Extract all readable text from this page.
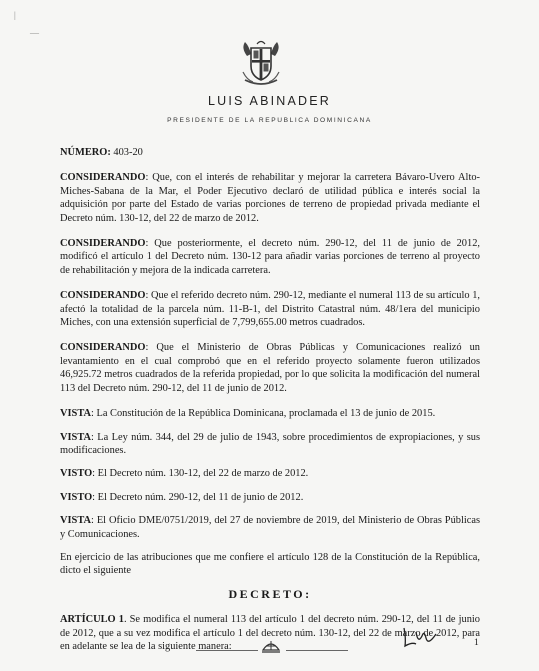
|
—
LUIS ABINADER
PRESIDENTE DE LA REPUBLICA DOMINICANA

NÚMERO: 403-20

CONSIDERANDO: Que, con el interés de rehabilitar y mejorar la carretera Bávaro-Uvero Alto-Miches-Sabana de la Mar, el Poder Ejecutivo declaró de utilidad pública e interés social la adquisición por parte del Estado de varias porciones de terreno de propiedad privada mediante el Decreto núm. 130-12, del 22 de marzo de 2012.

CONSIDERANDO: Que posteriormente, el decreto núm. 290-12, del 11 de junio de 2012, modificó el artículo 1 del Decreto núm. 130-12 para añadir varias porciones de terreno al proyecto de rehabilitación y mejora de la indicada carretera.

CONSIDERANDO: Que el referido decreto núm. 290-12, mediante el numeral 113 de su artículo 1, afectó la totalidad de la parcela núm. 11-B-1, del Distrito Catastral núm. 48/1era del municipio Miches, con una extensión superficial de 7,799,655.00 metros cuadrados.

CONSIDERANDO: Que el Ministerio de Obras Públicas y Comunicaciones realizó un levantamiento en el cual comprobó que en el referido proyecto solamente fueron utilizados 46,925.72 metros cuadrados de la referida propiedad, por lo que solicita la modificación del numeral 113 del Decreto núm. 290-12, del 11 de junio de 2012.

VISTA: La Constitución de la República Dominicana, proclamada el 13 de junio de 2015.

VISTA: La Ley núm. 344, del 29 de julio de 1943, sobre procedimientos de expropiaciones, y sus modificaciones.

VISTO: El Decreto núm. 130-12, del 22 de marzo de 2012.

VISTO: El Decreto núm. 290-12, del 11 de junio de 2012.

VISTA: El Oficio DME/0751/2019, del 27 de noviembre de 2019, del Ministerio de Obras Públicas y Comunicaciones.

En ejercicio de las atribuciones que me confiere el artículo 128 de la Constitución de la República, dicto el siguiente

DECRETO:

ARTÍCULO 1. Se modifica el numeral 113 del artículo 1 del decreto núm. 290-12, del 11 de junio de 2012, que a su vez modifica el artículo 1 del decreto núm. 130-12, del 22 de marzo de 2012, para en adelante se lea de la siguiente manera:	1
